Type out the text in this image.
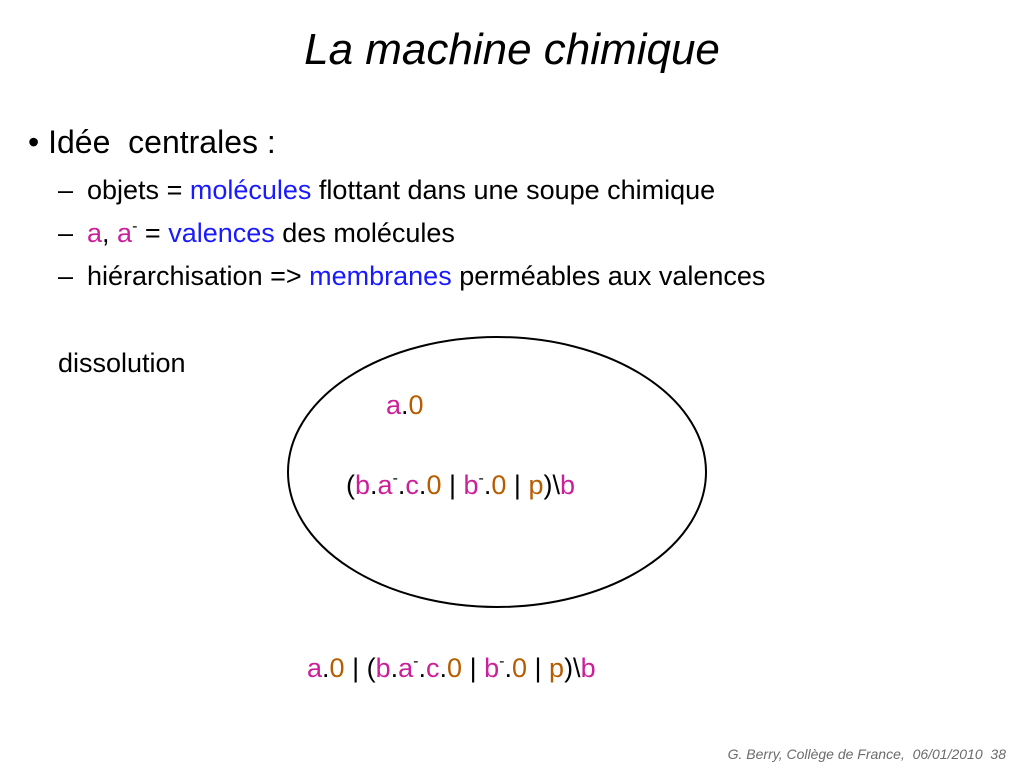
La machine chimique
• Idée  centrales :
– objets = molécules flottant dans une soupe chimique
– a, a- = valences des molécules
– hiérarchisation => membranes perméables aux valences
dissolution
a.0
(b.a-.c.0 | b-.0 | p)\b
a.0 | (b.a-.c.0 | b-.0 | p)\b
G. Berry, Collège de France, 06/01/2010 38
